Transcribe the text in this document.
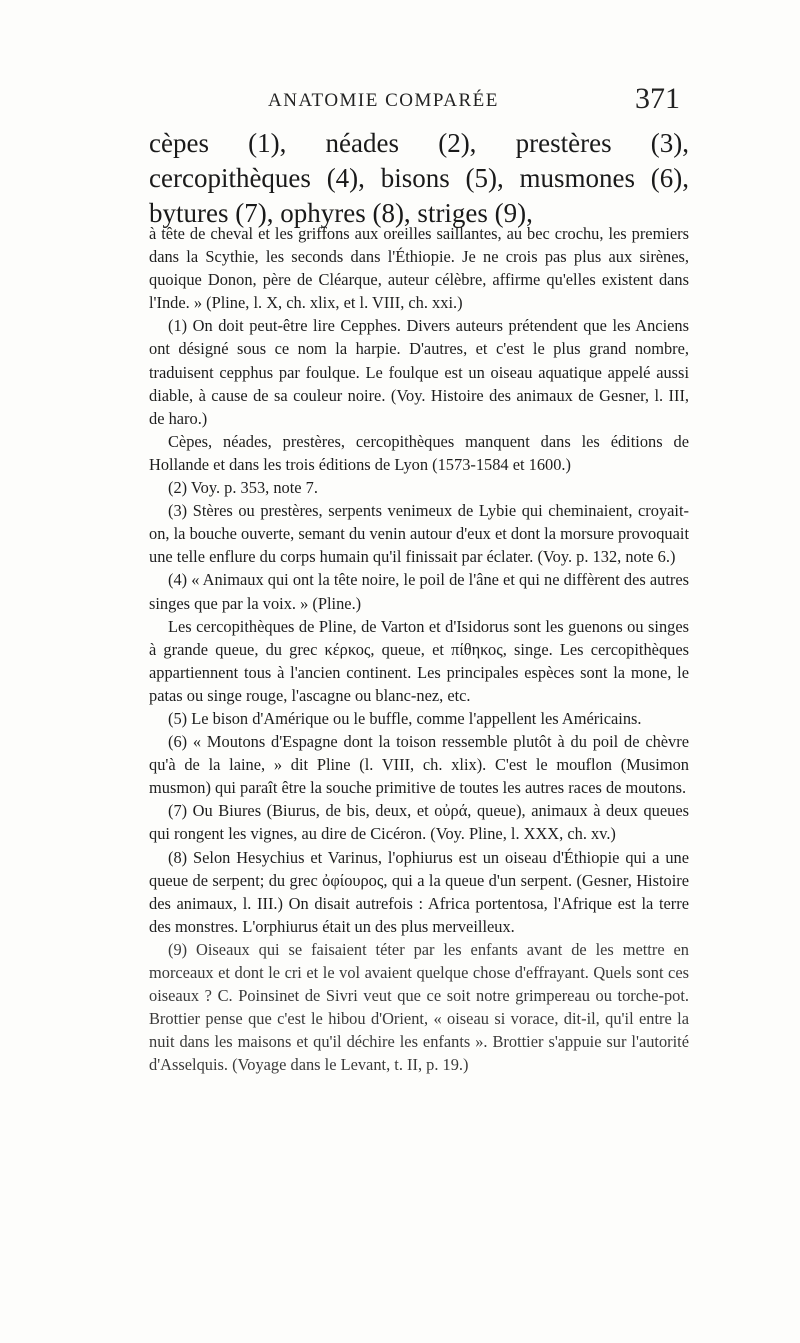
ANATOMIE COMPARÉE	371

cèpes (1), néades (2), prestères (3), cercopithèques (4), bisons (5), musmones (6), bytures (7), ophyres (8), striges (9),

à tête de cheval et les griffons aux oreilles saillantes, au bec crochu, les premiers dans la Scythie, les seconds dans l'Éthiopie. Je ne crois pas plus aux sirènes, quoique Donon, père de Cléarque, auteur célèbre, affirme qu'elles existent dans l'Inde. » (Pline, l. X, ch. xlix, et l. VIII, ch. xxi.)

(1) On doit peut-être lire Cepphes. Divers auteurs prétendent que les Anciens ont désigné sous ce nom la harpie. D'autres, et c'est le plus grand nombre, traduisent cepphus par foulque. Le foulque est un oiseau aquatique appelé aussi diable, à cause de sa couleur noire. (Voy. Histoire des animaux de Gesner, l. III, de haro.)

Cèpes, néades, prestères, cercopithèques manquent dans les éditions de Hollande et dans les trois éditions de Lyon (1573-1584 et 1600.)

(2) Voy. p. 353, note 7.

(3) Stères ou prestères, serpents venimeux de Lybie qui cheminaient, croyait-on, la bouche ouverte, semant du venin autour d'eux et dont la morsure provoquait une telle enflure du corps humain qu'il finissait par éclater. (Voy. p. 132, note 6.)

(4) « Animaux qui ont la tête noire, le poil de l'âne et qui ne diffèrent des autres singes que par la voix. » (Pline.)

Les cercopithèques de Pline, de Varton et d'Isidorus sont les guenons ou singes à grande queue, du grec κέρκος, queue, et πίθηκος, singe. Les cercopithèques appartiennent tous à l'ancien continent. Les principales espèces sont la mone, le patas ou singe rouge, l'ascagne ou blanc-nez, etc.

(5) Le bison d'Amérique ou le buffle, comme l'appellent les Américains.

(6) « Moutons d'Espagne dont la toison ressemble plutôt à du poil de chèvre qu'à de la laine, » dit Pline (l. VIII, ch. xlix). C'est le mouflon (Musimon musmon) qui paraît être la souche primitive de toutes les autres races de moutons.

(7) Ou Biures (Biurus, de bis, deux, et οὐρά, queue), animaux à deux queues qui rongent les vignes, au dire de Cicéron. (Voy. Pline, l. XXX, ch. xv.)

(8) Selon Hesychius et Varinus, l'ophiurus est un oiseau d'Éthiopie qui a une queue de serpent; du grec ὀφίουρος, qui a la queue d'un serpent. (Gesner, Histoire des animaux, l. III.) On disait autrefois : Africa portentosa, l'Afrique est la terre des monstres. L'orphiurus était un des plus merveilleux.

(9) Oiseaux qui se faisaient téter par les enfants avant de les mettre en morceaux et dont le cri et le vol avaient quelque chose d'effrayant. Quels sont ces oiseaux ? C. Poinsinet de Sivri veut que ce soit notre grimpereau ou torche-pot. Brottier pense que c'est le hibou d'Orient, « oiseau si vorace, dit-il, qu'il entre la nuit dans les maisons et qu'il déchire les enfants ». Brottier s'appuie sur l'autorité d'Asselquis. (Voyage dans le Levant, t. II, p. 19.)
